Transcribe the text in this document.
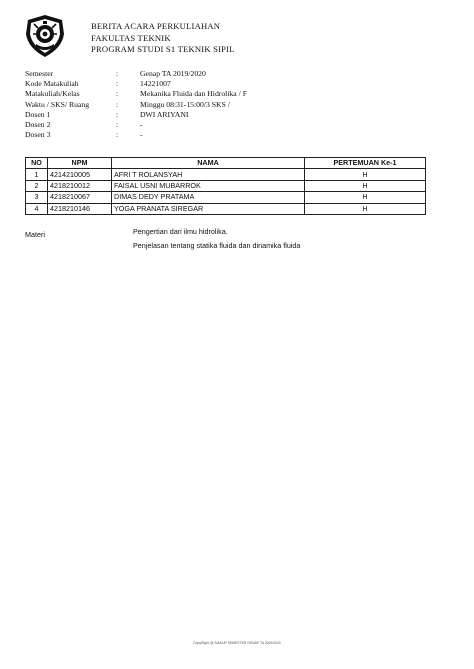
BERITA ACARA PERKULIAHAN
FAKULTAS TEKNIK
PROGRAM STUDI S1 TEKNIK SIPIL
Semester	:	Genap TA 2019/2020
Kode Matakuliah	:	14221007
Matakuliah/Kelas	:	Mekanika Fluida dan Hidrolika / F
Waktu / SKS/ Ruang	:	Minggu 08:31-15:00/3 SKS /
Dosen 1	:	DWI ARIYANI
Dosen 2	:	-
Dosen 3	:	-
NO	NPM	NAMA	PERTEMUAN Ke-1
1	4214210005	AFRI T ROLANSYAH	H
2	4218210012	FAISAL USNI MUBARROK	H
3	4218210067	DIMAS DEDY PRATAMA	H
4	4218210146	YOGA PRANATA SIREGAR	H
Materi	Pengertian dari ilmu hidrolika.
Penjelasan tentang statika fluida dan dinamika fluida
CopyRight @ SIAKUP SEMESTER GENAP TA 2019/2020
